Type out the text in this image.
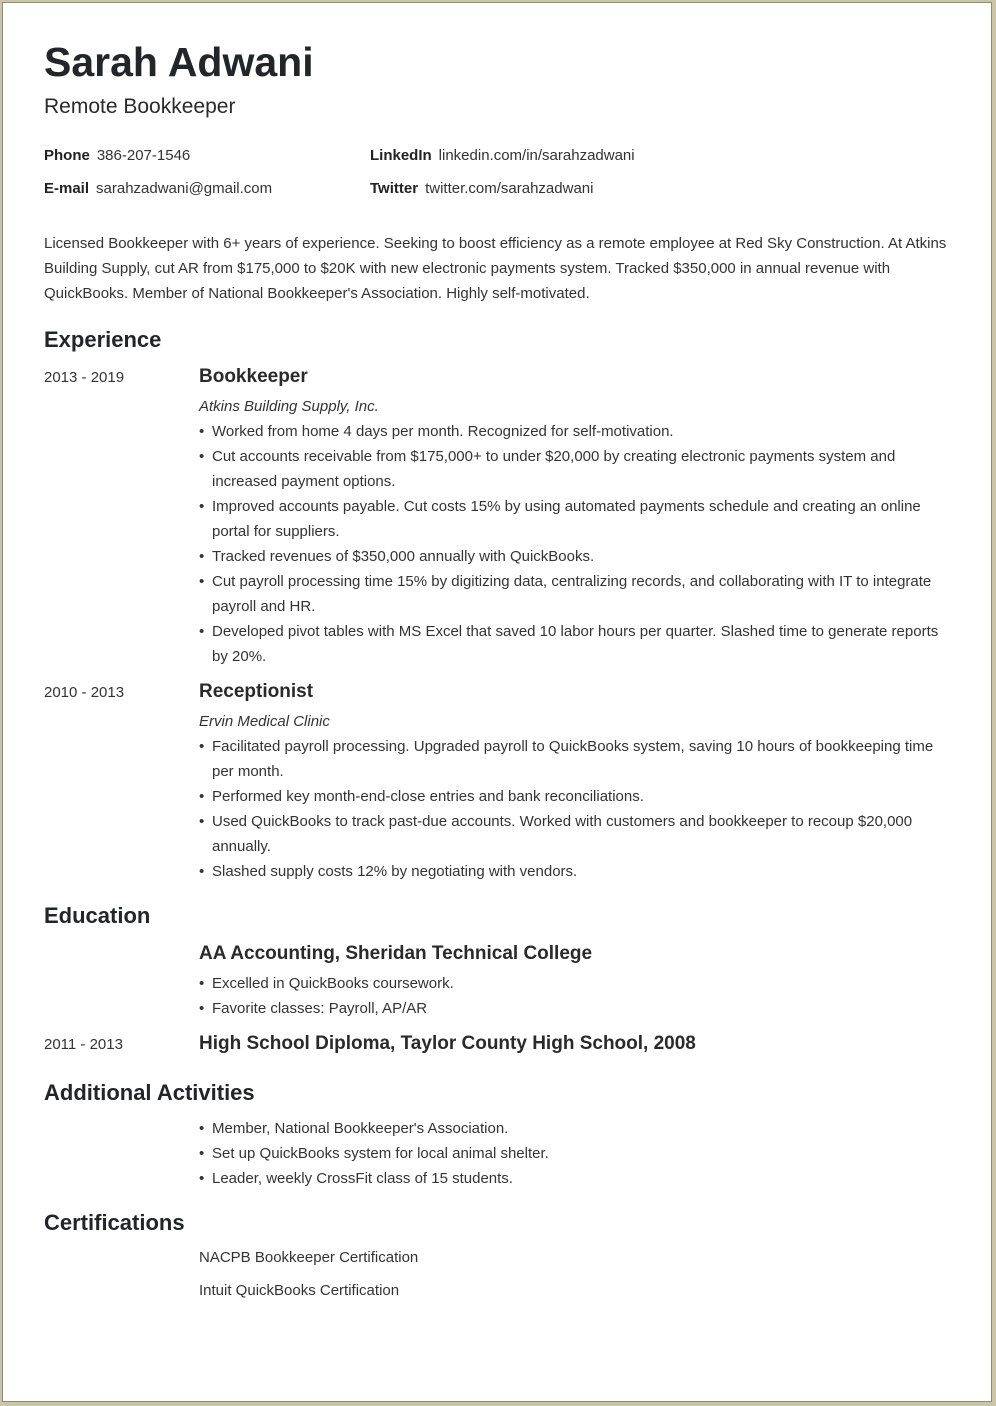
Sarah Adwani
Remote Bookkeeper
Phone 386-207-1546	LinkedIn linkedin.com/in/sarahzadwani
E-mail sarahzadwani@gmail.com	Twitter twitter.com/sarahzadwani
Licensed Bookkeeper with 6+ years of experience. Seeking to boost efficiency as a remote employee at Red Sky Construction. At Atkins Building Supply, cut AR from $175,000 to $20K with new electronic payments system. Tracked $350,000 in annual revenue with QuickBooks. Member of National Bookkeeper's Association. Highly self-motivated.
Experience
2013 - 2019	Bookkeeper
Atkins Building Supply, Inc.
• Worked from home 4 days per month. Recognized for self-motivation.
• Cut accounts receivable from $175,000+ to under $20,000 by creating electronic payments system and increased payment options.
• Improved accounts payable. Cut costs 15% by using automated payments schedule and creating an online portal for suppliers.
• Tracked revenues of $350,000 annually with QuickBooks.
• Cut payroll processing time 15% by digitizing data, centralizing records, and collaborating with IT to integrate payroll and HR.
• Developed pivot tables with MS Excel that saved 10 labor hours per quarter. Slashed time to generate reports by 20%.
2010 - 2013	Receptionist
Ervin Medical Clinic
• Facilitated payroll processing. Upgraded payroll to QuickBooks system, saving 10 hours of bookkeeping time per month.
• Performed key month-end-close entries and bank reconciliations.
• Used QuickBooks to track past-due accounts. Worked with customers and bookkeeper to recoup $20,000 annually.
• Slashed supply costs 12% by negotiating with vendors.
Education
AA Accounting, Sheridan Technical College
• Excelled in QuickBooks coursework.
• Favorite classes: Payroll, AP/AR
2011 - 2013	High School Diploma, Taylor County High School, 2008
Additional Activities
• Member, National Bookkeeper's Association.
• Set up QuickBooks system for local animal shelter.
• Leader, weekly CrossFit class of 15 students.
Certifications
NACPB Bookkeeper Certification
Intuit QuickBooks Certification
